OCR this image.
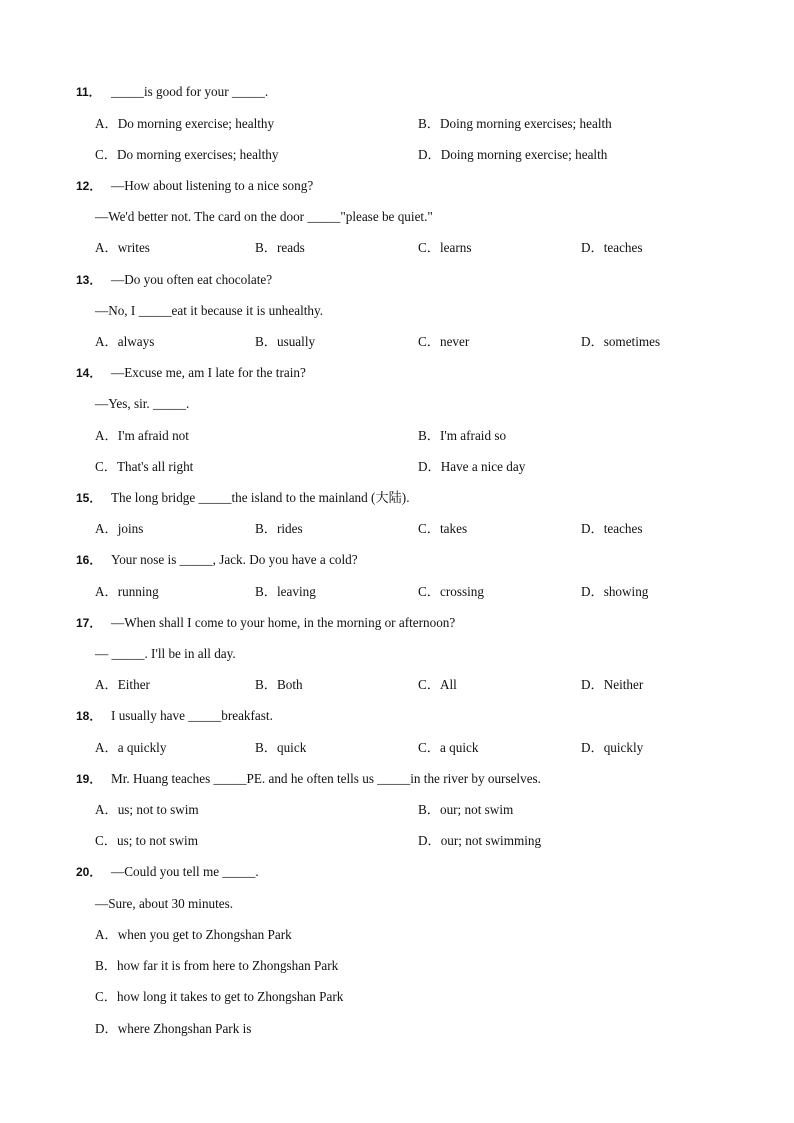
11． _____is good for your _____.
A．Do morning exercise; healthy	B．Doing morning exercises; health
C．Do morning exercises; healthy	D．Doing morning exercise; health
12． —How about listening to a nice song?
—We'd better not. The card on the door _____"please be quiet."
A．writes	B．reads	C．learns	D．teaches
13． —Do you often eat chocolate?
—No, I _____eat it because it is unhealthy.
A．always	B．usually	C．never	D．sometimes
14． —Excuse me, am I late for the train?
—Yes, sir. _____.
A．I'm afraid not	B．I'm afraid so
C．That's all right	D．Have a nice day
15． The long bridge _____the island to the mainland (大陆).
A．joins	B．rides	C．takes	D．teaches
16． Your nose is _____, Jack. Do you have a cold?
A．running	B．leaving	C．crossing	D．showing
17． —When shall I come to your home, in the morning or afternoon?
— _____. I'll be in all day.
A．Either	B．Both	C．All	D．Neither
18． I usually have _____breakfast.
A．a quickly	B．quick	C．a quick	D．quickly
19． Mr. Huang teaches _____PE. and he often tells us _____in the river by ourselves.
A．us; not to swim	B．our; not swim
C．us; to not swim	D．our; not swimming
20． —Could you tell me _____.
—Sure, about 30 minutes.
A．when you get to Zhongshan Park
B．how far it is from here to Zhongshan Park
C．how long it takes to get to Zhongshan Park
D．where Zhongshan Park is
